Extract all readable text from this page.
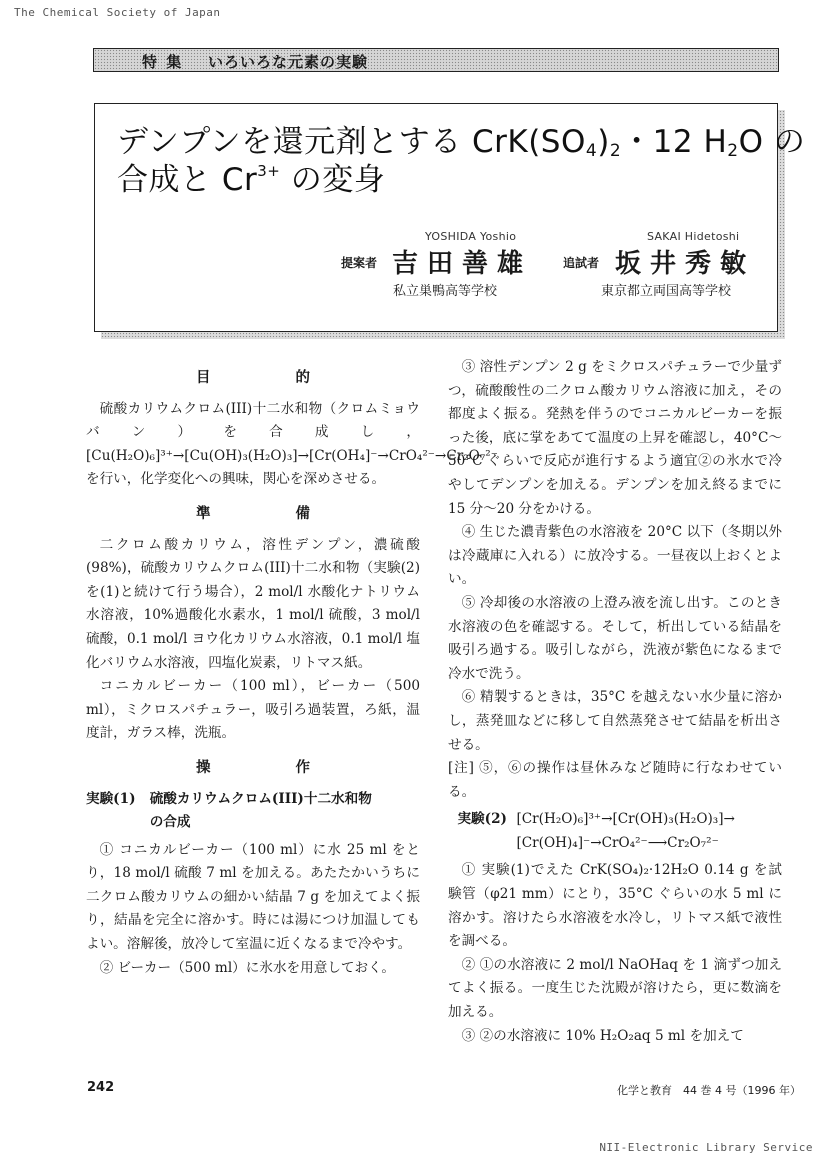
The Chemical Society of Japan
特 集 いろいろな元素の実験
デンプンを還元剤とする $CrK(SO_4)_2$・12 $H_2O$ の
合成と $Cr^{3+}$ の変身
YOSHIDA Yoshio
提案者 吉田善雄
私立巣鴨高等学校
SAKAI Hidetoshi
追試者 坂井秀敏
東京都立両国高等学校
目 的

硫酸カリウムクロム(III)十二水和物（クロムミョウバン）を合成し，[Cu(H₂O)₆]³⁺→[Cu(OH)₃(H₂O)₃]→[Cr(OH₄]⁻→CrO₄²⁻→Cr₂O₇²⁻
を行い，化学変化への興味，関心を深めさせる。

準 備

二クロム酸カリウム，溶性デンプン，濃硫酸(98%)，硫酸カリウムクロム(III)十二水和物（実験(2)を(1)と続けて行う場合），2 mol/l 水酸化ナトリウム水溶液，10%過酸化水素水，1 mol/l 硫酸，3 mol/l 硫酸，0.1 mol/l ヨウ化カリウム水溶液，0.1 mol/l 塩化バリウム水溶液，四塩化炭素，リトマス紙。

コニカルビーカー（100 ml），ビーカー（500 ml），ミクロスパチュラー，吸引ろ過装置，ろ紙，温度計，ガラス棒，洗瓶。

操 作
実験(1) 硫酸カリウムクロム(III)十二水和物
の合成

① コニカルビーカー（100 ml）に水 25 ml をとり，18 mol/l 硫酸 7 ml を加える。あたたかいうちに二クロム酸カリウムの細かい結晶 7 g を加えてよく振り，結晶を完全に溶かす。時には湯につけ加温してもよい。溶解後，放冷して室温に近くなるまで冷やす。

② ビーカー（500 ml）に氷水を用意しておく。

③ 溶性デンプン 2 g をミクロスパチュラーで少量ずつ，硫酸酸性の二クロム酸カリウム溶液に加え，その都度よく振る。発熱を伴うのでコニカルビーカーを振った後，底に掌をあてて温度の上昇を確認し，40°C～50°C ぐらいで反応が進行するよう適宜②の氷水で冷やしてデンプンを加える。デンプンを加え終るまでに 15 分～20 分をかける。

④ 生じた濃青紫色の水溶液を 20°C 以下（冬期以外は冷蔵庫に入れる）に放冷する。一昼夜以上おくとよい。

⑤ 冷却後の水溶液の上澄み液を流し出す。このとき水溶液の色を確認する。そして，析出している結晶を吸引ろ過する。吸引しながら，洗液が紫色になるまで冷水で洗う。

⑥ 精製するときは，35°C を越えない水少量に溶かし，蒸発皿などに移して自然蒸発させて結晶を析出させる。

[注] ⑤，⑥の操作は昼休みなど随時に行なわせている。

実験(2) [Cr(H₂O)₆]³⁺→[Cr(OH)₃(H₂O)₃]→
[Cr(OH)₄]⁻→CrO₄²⁻⟶Cr₂O₇²⁻

① 実験(1)でえた CrK(SO₄)₂·12H₂O 0.14 g を試験管（φ21 mm）にとり，35°C ぐらいの水 5 ml に溶かす。溶けたら水溶液を水冷し，リトマス紙で液性を調べる。

② ①の水溶液に 2 mol/l NaOHaq を 1 滴ずつ加えてよく振る。一度生じた沈殿が溶けたら，更に数滴を加える。

③ ②の水溶液に 10% H₂O₂aq 5 ml を加えて

242	化学と教育　44 巻 4 号（1996 年）
NII-Electronic Library Service
